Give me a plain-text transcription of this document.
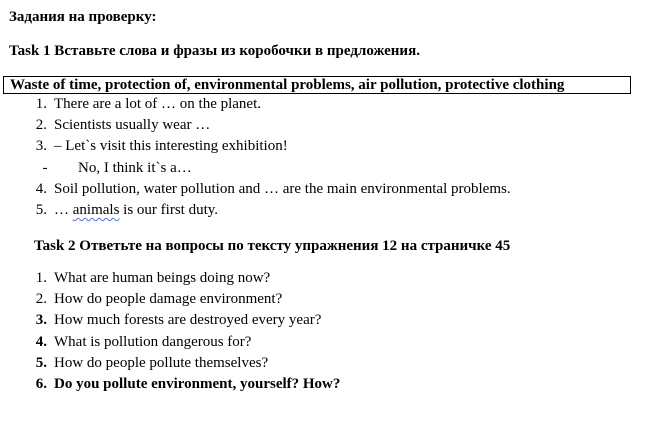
Задания на проверку:
Task 1 Вставьте слова и фразы из коробочки в предложения.
Waste of time, protection of, environmental problems, air pollution, protective clothing
1. There are a lot of … on the planet.
2. Scientists usually wear …
3. – Let`s visit this interesting exhibition!
-	No, I think it`s a…
4. Soil pollution, water pollution and … are the main environmental problems.
5. … animals is our first duty.
Task 2 Ответьте на вопросы по тексту упражнения 12 на страничке 45
1. What are human beings doing now?
2. How do people damage environment?
3. How much forests are destroyed every year?
4. What is pollution dangerous for?
5. How do people pollute themselves?
6. Do you pollute environment, yourself? How?
